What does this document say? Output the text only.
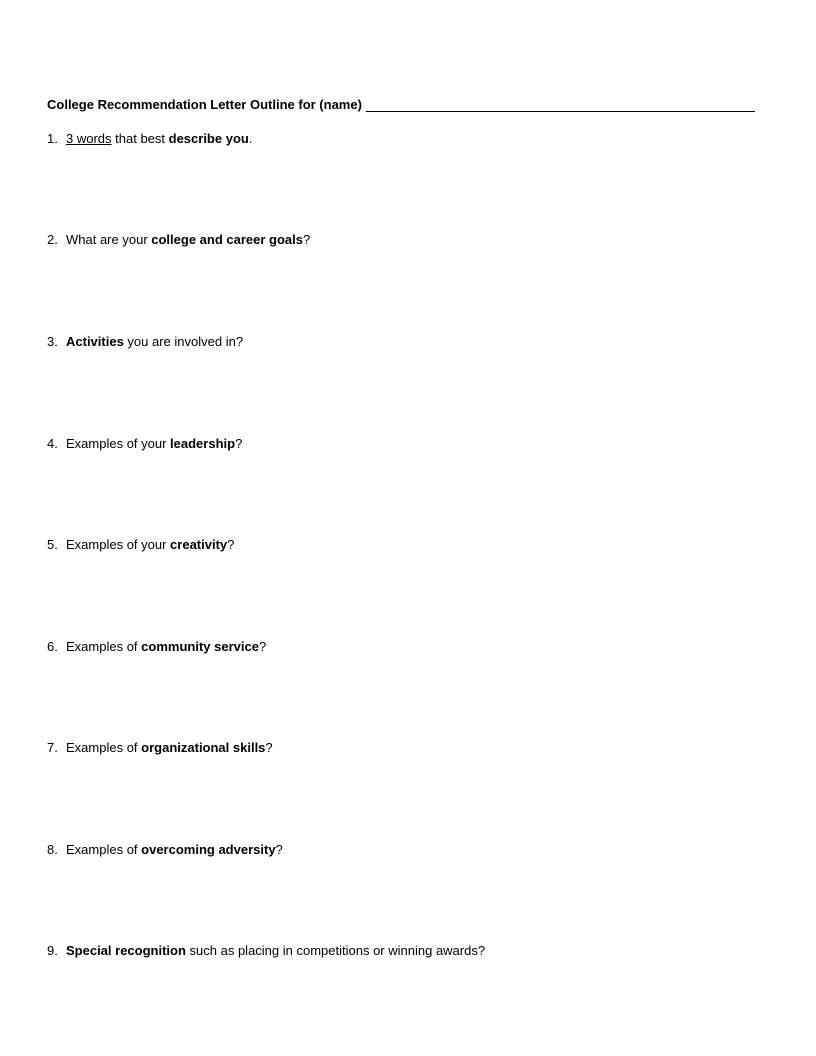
College Recommendation Letter Outline for (name)
1. 3 words that best describe you.
2. What are your college and career goals?
3. Activities you are involved in?
4. Examples of your leadership?
5. Examples of your creativity?
6. Examples of community service?
7. Examples of organizational skills?
8. Examples of overcoming adversity?
9. Special recognition such as placing in competitions or winning awards?
